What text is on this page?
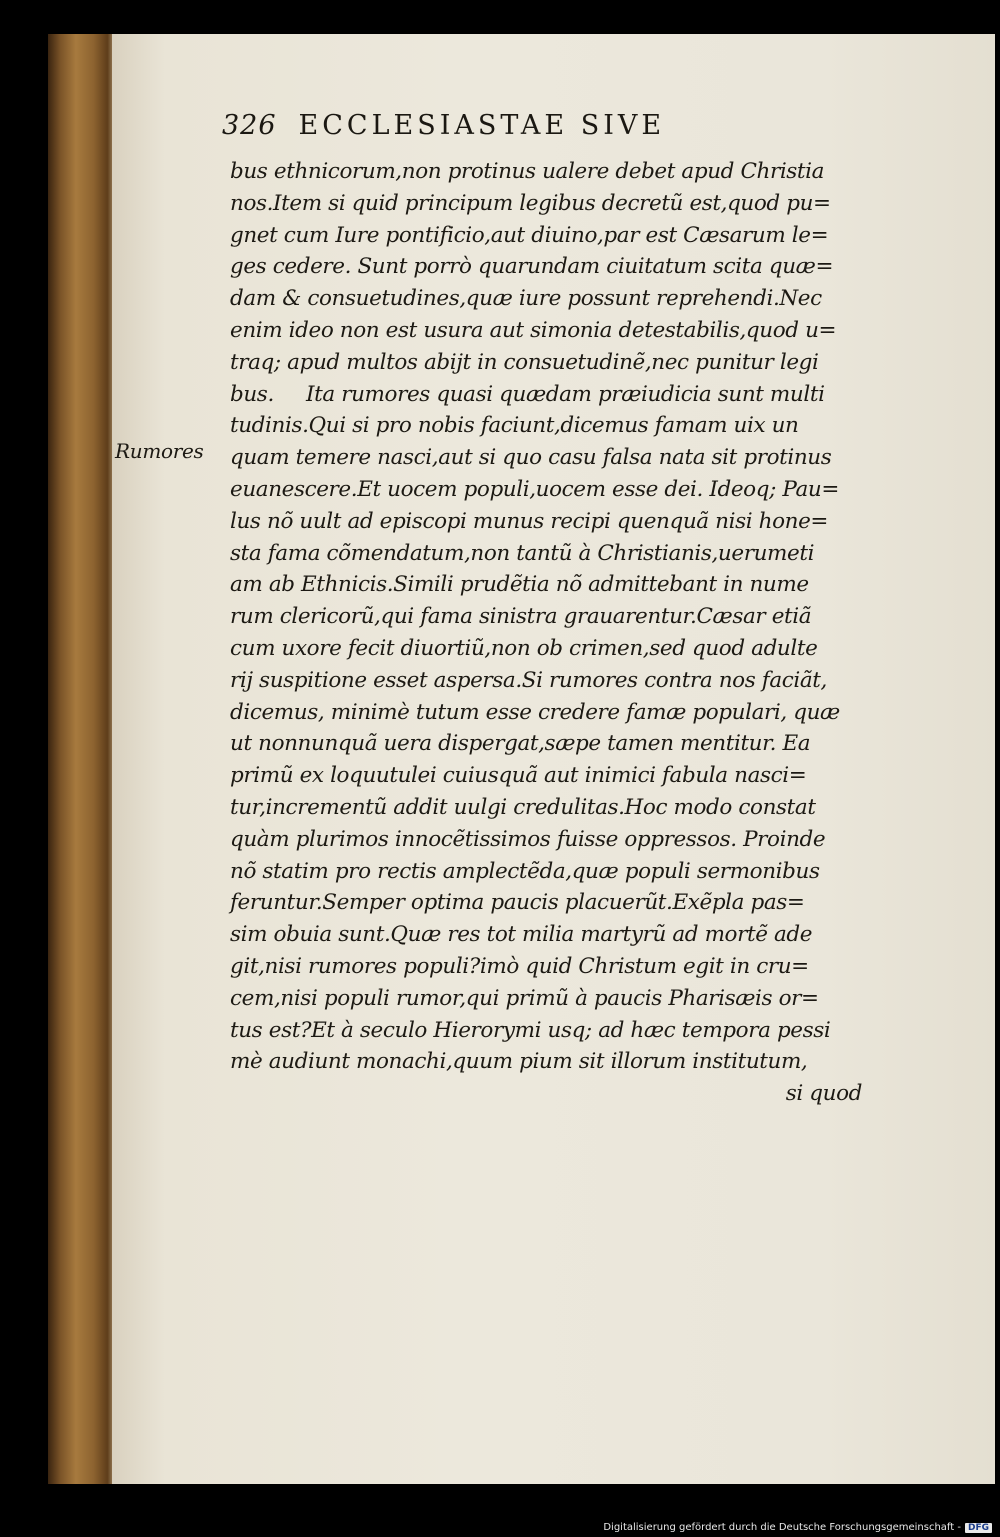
326 ECCLESIASTAE SIVE
Rumores
bus ethnicorum,non protinus ualere debet apud Christia
nos.Item si quid principum legibus decretũ est,quod pu=
gnet cum Iure pontificio,aut diuino,par est Cæsarum le=
ges cedere. Sunt porrò quarundam ciuitatum scita quæ=
dam & consuetudines,quæ iure possunt reprehendi.Nec
enim ideo non est usura aut simonia detestabilis,quod u=
traq; apud multos abijt in consuetudinẽ,nec punitur legi
bus.     Ita rumores quasi quædam præiudicia sunt multi
tudinis.Qui si pro nobis faciunt,dicemus famam uix un
quam temere nasci,aut si quo casu falsa nata sit protinus
euanescere.Et uocem populi,uocem esse dei. Ideoq; Pau=
lus nõ uult ad episcopi munus recipi quenquã nisi hone=
sta fama cõmendatum,non tantũ à Christianis,uerumeti
am ab Ethnicis.Simili prudẽtia nõ admittebant in nume
rum clericorũ,qui fama sinistra grauarentur.Cæsar etiã
cum uxore fecit diuortiũ,non ob crimen,sed quod adulte
rij suspitione esset aspersa.Si rumores contra nos faciãt,
dicemus, minimè tutum esse credere famæ populari, quæ
ut nonnunquã uera dispergat,sæpe tamen mentitur. Ea
primũ ex loquutulei cuiusquã aut inimici fabula nasci=
tur,incrementũ addit uulgi credulitas.Hoc modo constat
quàm plurimos innocẽtissimos fuisse oppressos. Proinde
nõ statim pro rectis amplectẽda,quæ populi sermonibus
feruntur.Semper optima paucis placuerũt.Exẽpla pas=
sim obuia sunt.Quæ res tot milia martyrũ ad mortẽ ade
git,nisi rumores populi?imò quid Christum egit in cru=
cem,nisi populi rumor,qui primũ à paucis Pharisæis or=
tus est?Et à seculo Hierorymi usq; ad hæc tempora pessi
mè audiunt monachi,quum pium sit illorum institutum,
si quod
Digitalisierung gefördert durch die Deutsche Forschungsgemeinschaft - DFG
